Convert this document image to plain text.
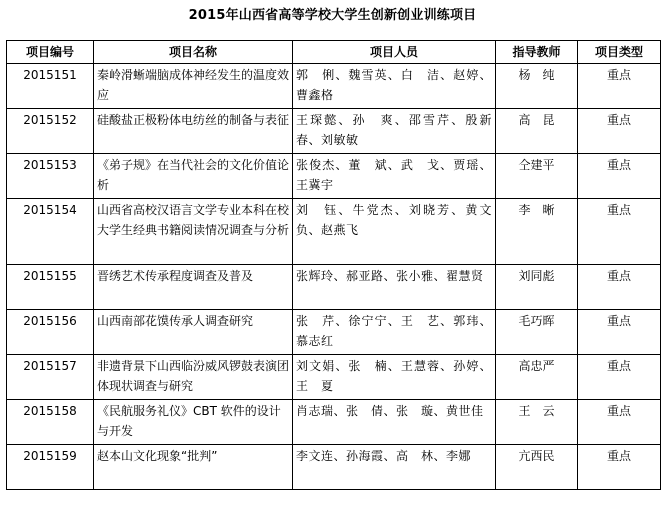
2015年山西省高等学校大学生创新创业训练项目
项目编号	项目名称	项目人员	指导教师	项目类型
2015151	秦岭滑蜥端脑成体神经发生的温度效应	郭　俐、魏雪英、白　洁、赵婷、曹鑫格	杨　纯	重点
2015152	硅酸盐正极粉体电纺丝的制备与表征	王琛懿、孙　爽、邵雪芹、殷新春、刘敏敏	高　昆	重点
2015153	《弟子规》在当代社会的文化价值论析	张俊杰、董　斌、武　戈、贾瑶、王冀宇	仝建平	重点
2015154	山西省高校汉语言文学专业本科在校大学生经典书籍阅读情况调查与分析	刘　钰、牛党杰、刘晓芳、黄文负、赵燕飞	李　晰	重点
2015155	晋绣艺术传承程度调查及普及	张辉玲、郝亚路、张小雅、翟慧贤	刘同彪	重点
2015156	山西南部花馍传承人调查研究	张　芹、徐宁宁、王　艺、郭玮、慕志红	毛巧晖	重点
2015157	非遗背景下山西临汾威风锣鼓表演团体现状调查与研究	刘文娟、张　楠、王慧蓉、孙婷、王　夏	高忠严	重点
2015158	《民航服务礼仪》CBT 软件的设计与开发	肖志瑞、张　倩、张　璇、黄世佳	王　云	重点
2015159	赵本山文化现象“批判”	李文连、孙海霞、高　林、李娜	亢西民	重点
